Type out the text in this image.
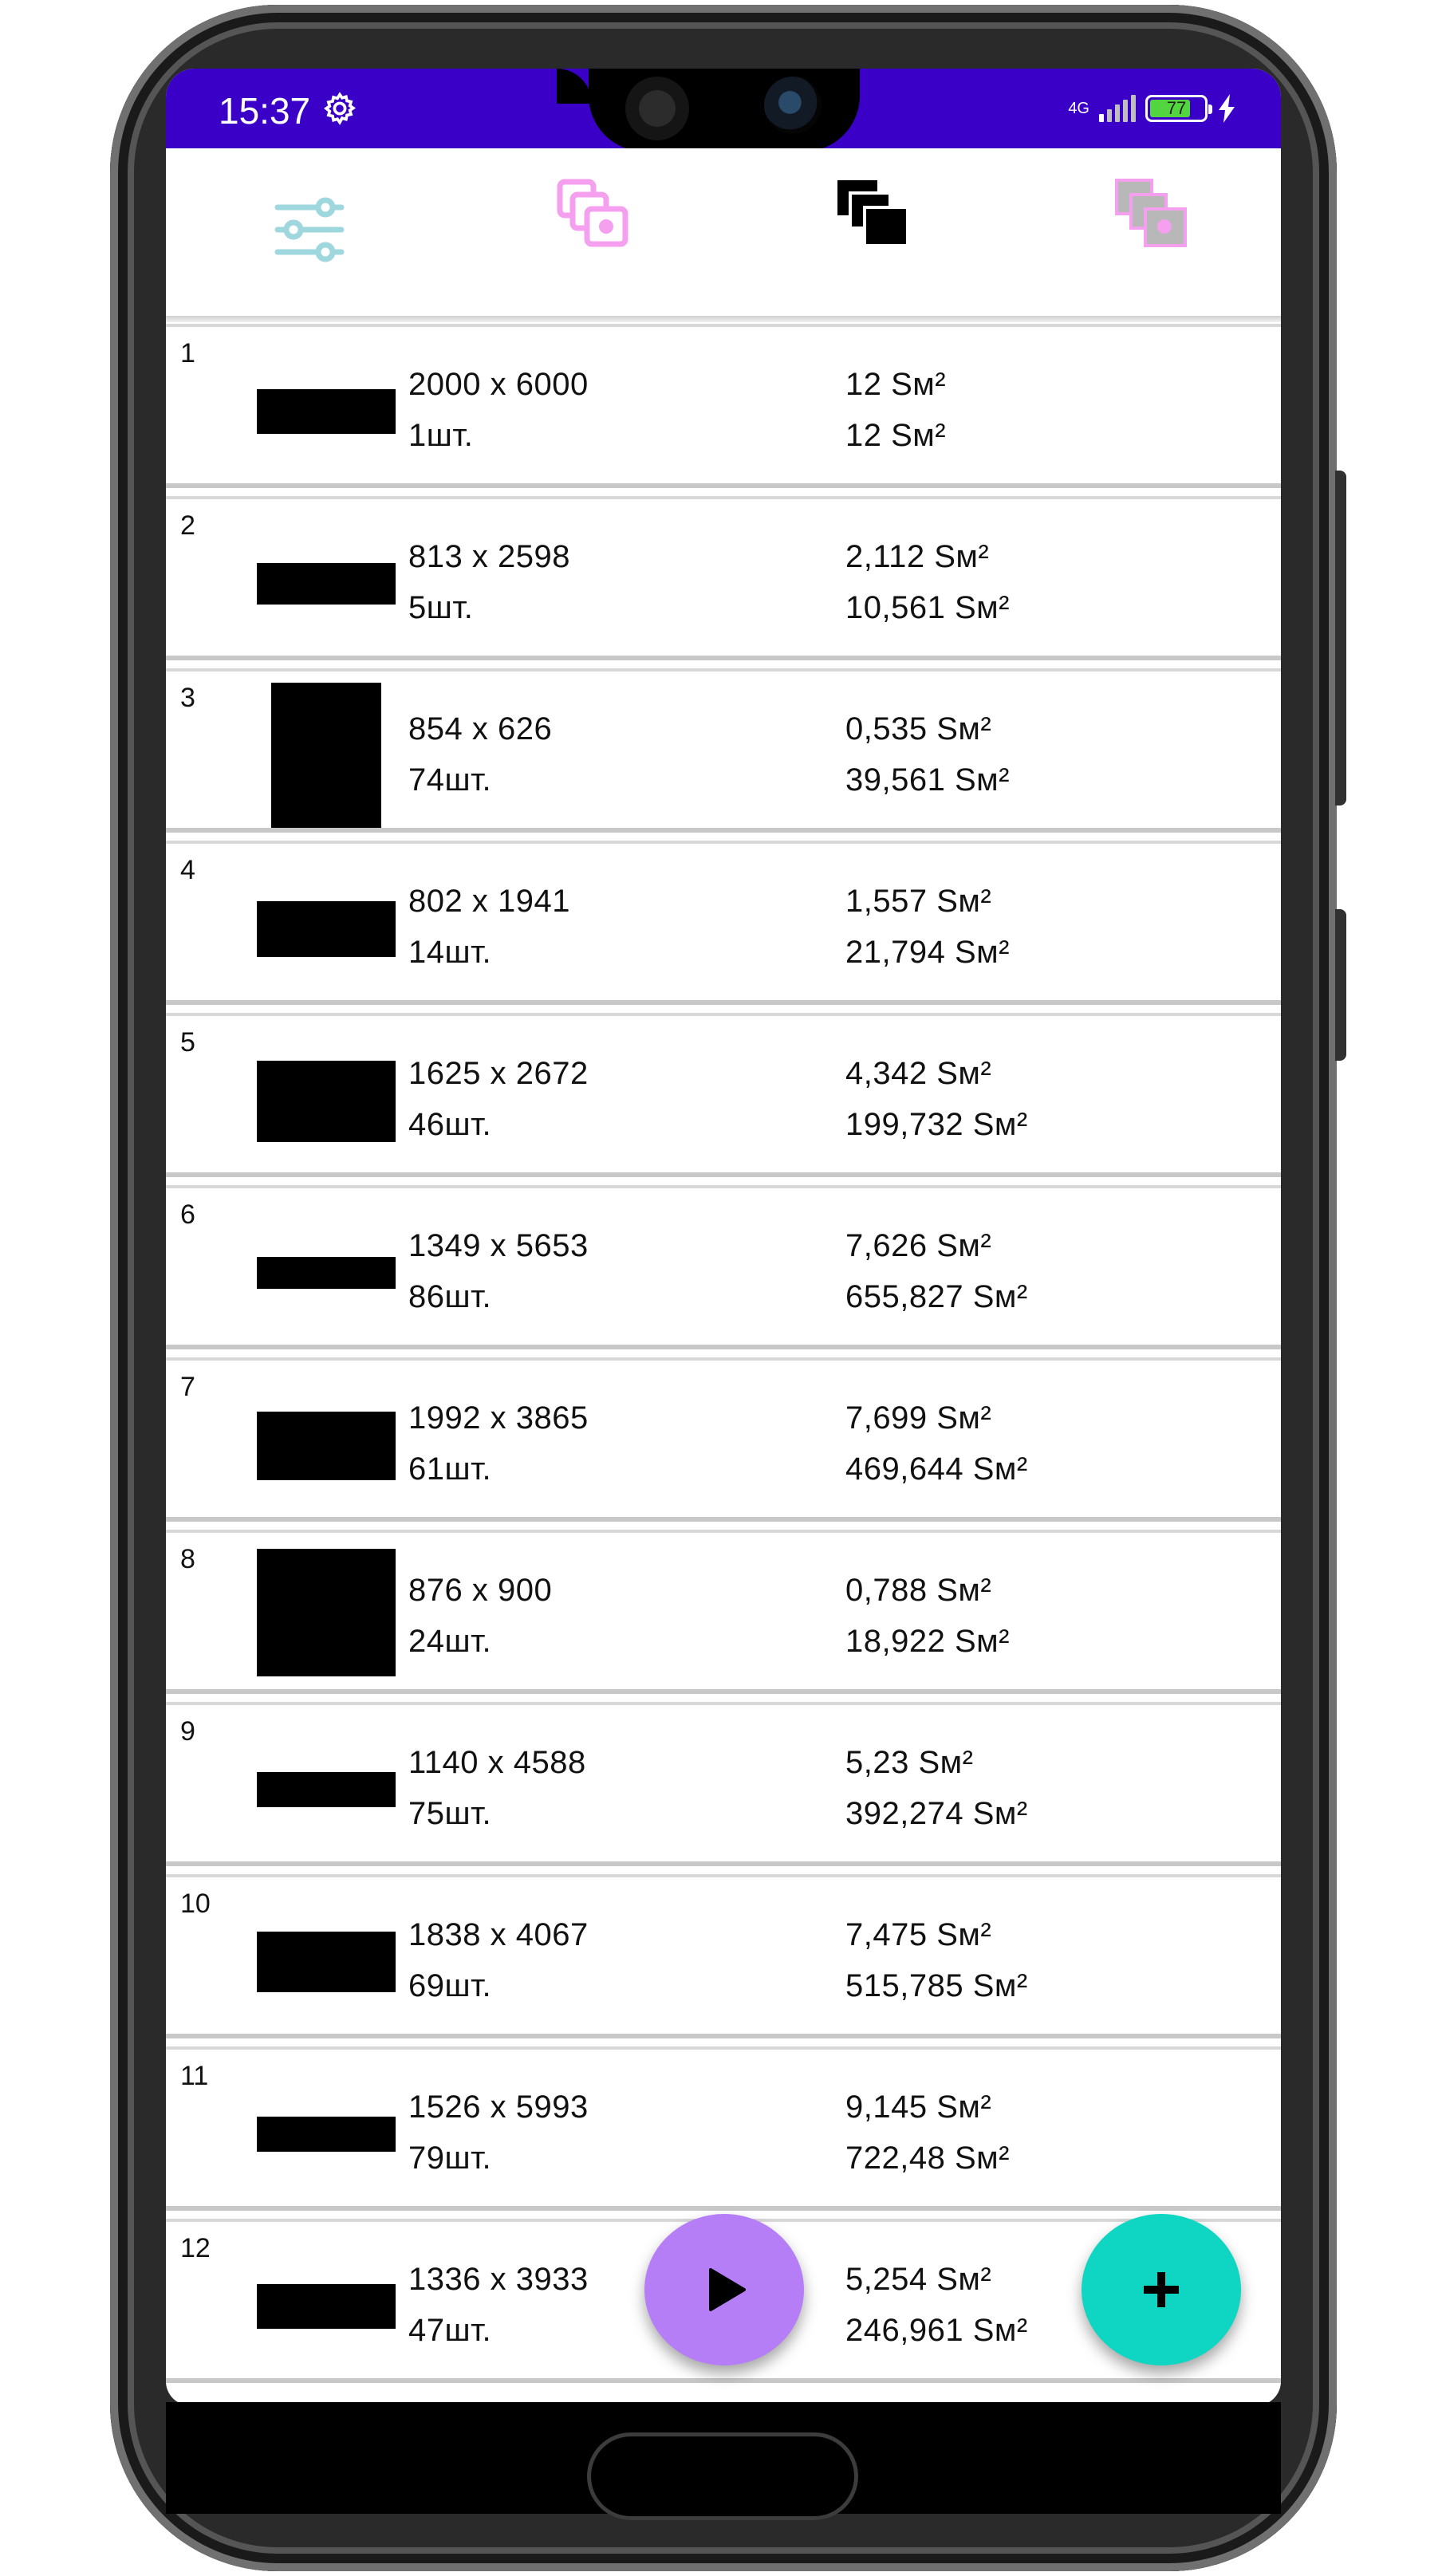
15:37	4G	77
1
2000 x 6000
1шт.
12 Sм²
12 Sм²
2
813 x 2598
5шт.
2,112 Sм²
10,561 Sм²
3
854 x 626
74шт.
0,535 Sм²
39,561 Sм²
4
802 x 1941
14шт.
1,557 Sм²
21,794 Sм²
5
1625 x 2672
46шт.
4,342 Sм²
199,732 Sм²
6
1349 x 5653
86шт.
7,626 Sм²
655,827 Sм²
7
1992 x 3865
61шт.
7,699 Sм²
469,644 Sм²
8
876 x 900
24шт.
0,788 Sм²
18,922 Sм²
9
1140 x 4588
75шт.
5,23 Sм²
392,274 Sм²
10
1838 x 4067
69шт.
7,475 Sм²
515,785 Sм²
11
1526 x 5993
79шт.
9,145 Sм²
722,48 Sм²
12
1336 x 3933
47шт.
5,254 Sм²
246,961 Sм²
